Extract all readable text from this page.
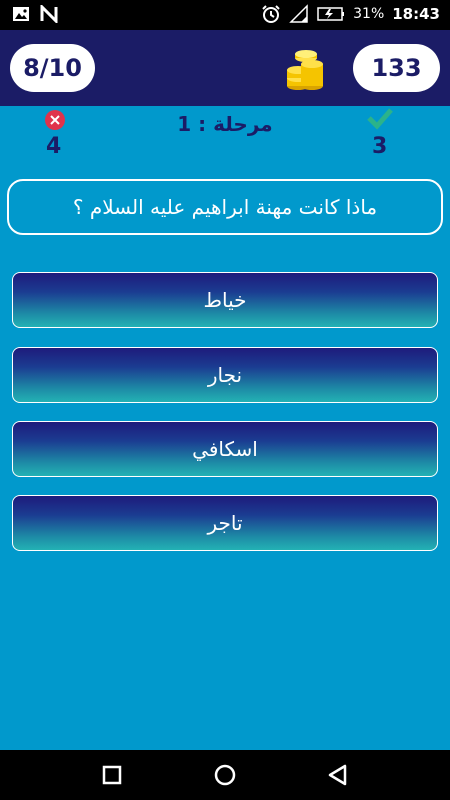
31% 18:43
8/10	133
4
مرحلة : 1
3
ماذا كانت مهنة ابراهيم عليه السلام ؟
خياط
نجار
اسكافي
تاجر
